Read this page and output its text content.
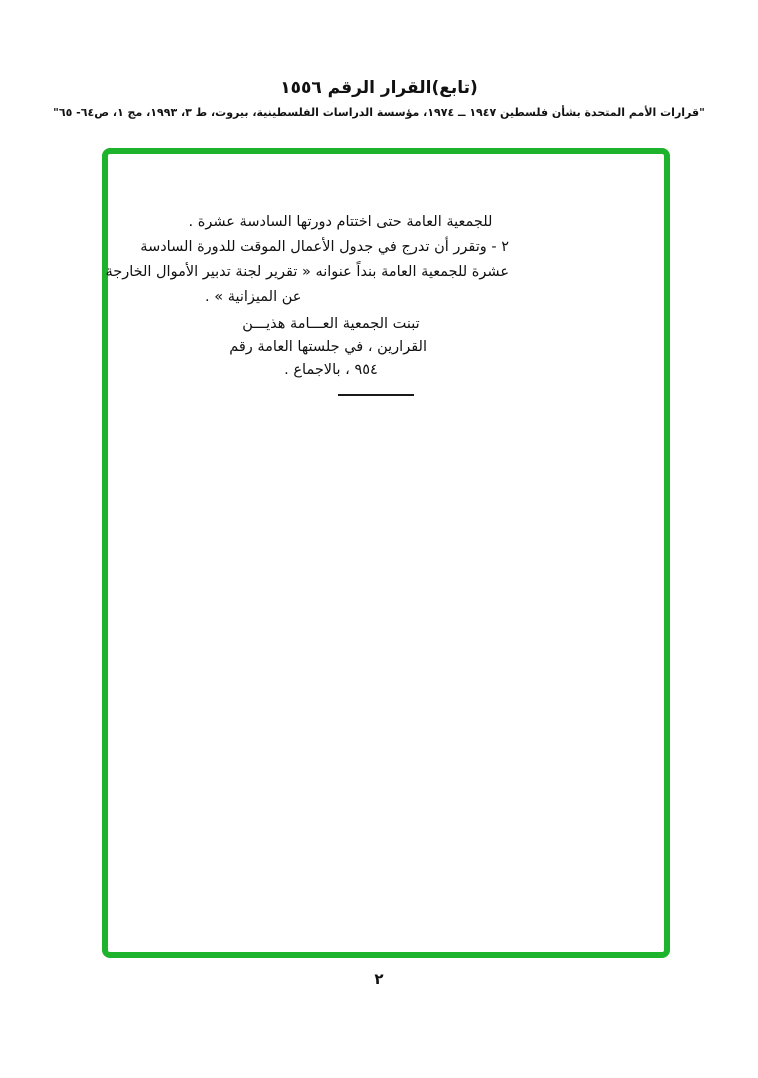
(تابع)القرار الرقم ١٥٥٦
"قرارات الأمم المتحدة بشأن فلسطين ١٩٤٧ ــ ١٩٧٤، مؤسسة الدراسات الفلسطينية، بيروت، ط ٣، ١٩٩٣، مج ١، ص٦٤- ٦٥"
للجمعية العامة حتى اختتام دورتها السادسة عشرة .
٢ - وتقرر أن تدرج في جدول الأعمال الموقت للدورة السادسة
عشرة للجمعية العامة بنداً عنوانه « تقرير لجنة تدبير الأموال الخارجة
عن الميزانية » .
تبنت الجمعية العـــامة هذيـــن
القرارين ، في جلستها العامة رقم
٩٥٤ ، بالاجماع .
٢
